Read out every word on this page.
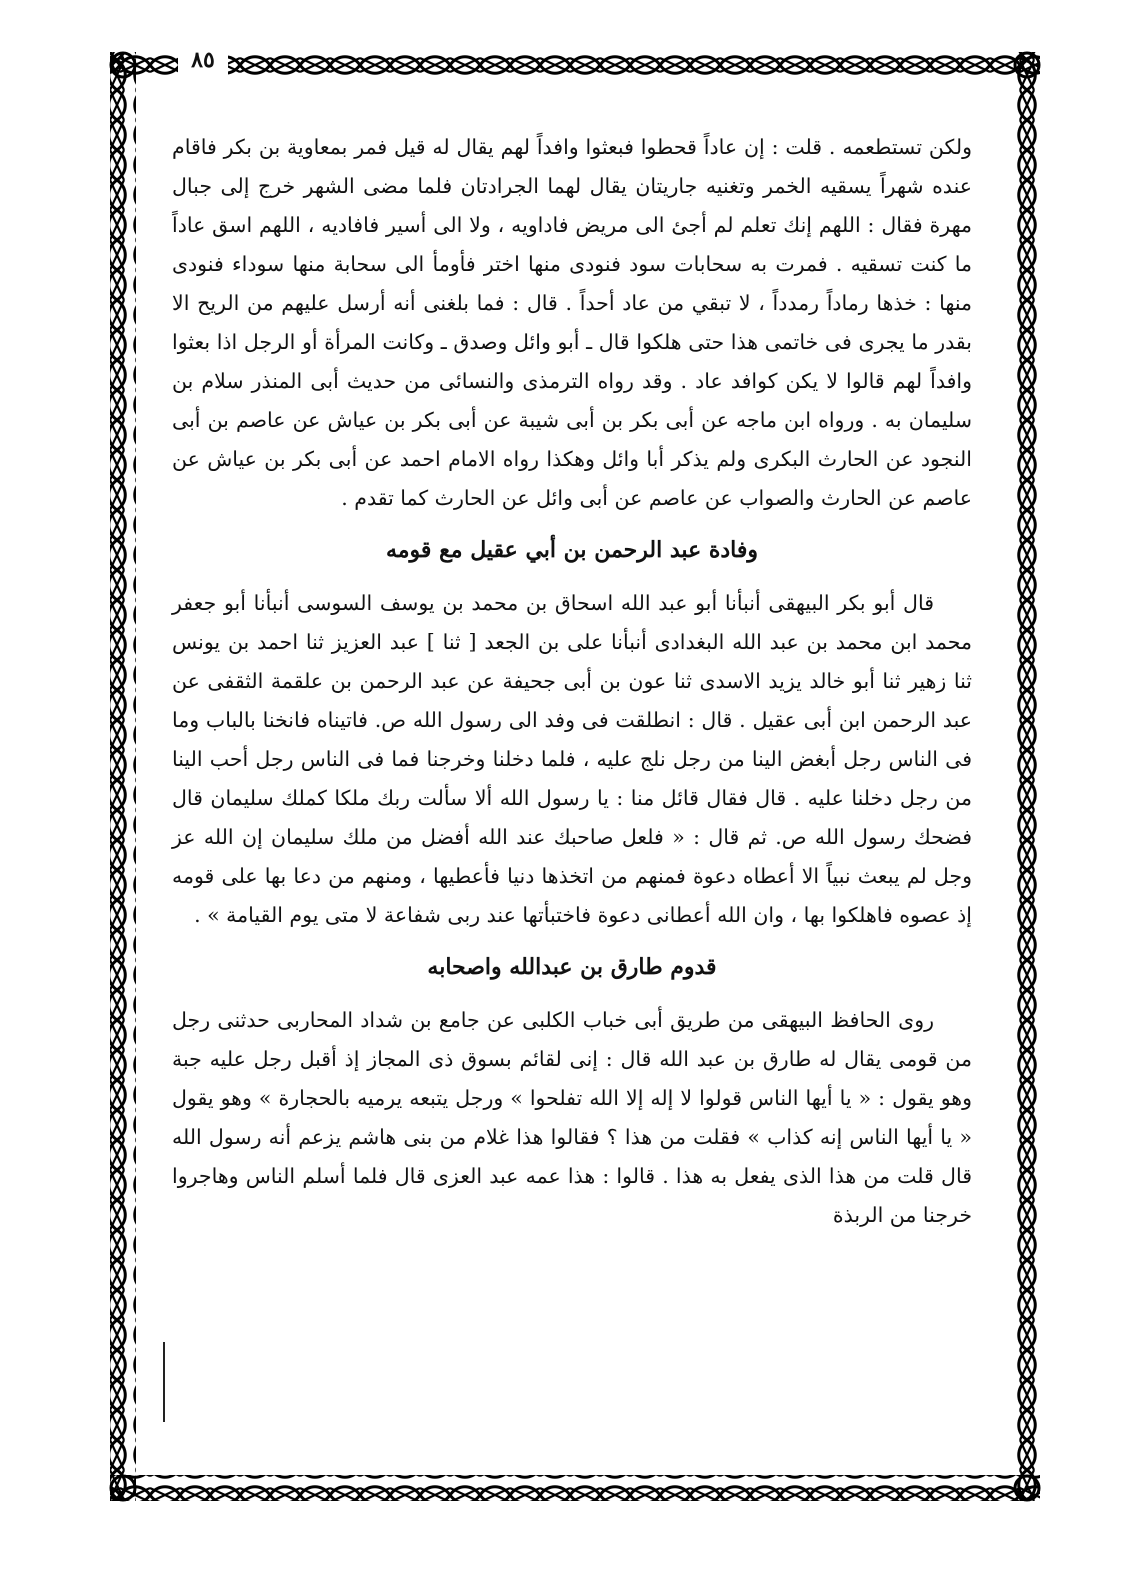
٨٥

ولكن تستطعمه . قلت : إن عاداً قحطوا فبعثوا وافداً لهم يقال له قيل فمر بمعاوية بن بكر فاقام عنده شهراً يسقيه الخمر وتغنيه جاريتان يقال لهما الجرادتان فلما مضى الشهر خرج إلى جبال مهرة فقال : اللهم إنك تعلم لم أجئ الى مريض فاداويه ، ولا الى أسير فافاديه ، اللهم اسق عاداً ما كنت تسقيه . فمرت به سحابات سود فنودى منها اختر فأومأ الى سحابة منها سوداء فنودى منها : خذها رماداً رمدداً ، لا تبقي من عاد أحداً . قال : فما بلغنى أنه أرسل عليهم من الريح الا بقدر ما يجرى فى خاتمى هذا حتى هلكوا قال ـ أبو وائل وصدق ـ وكانت المرأة أو الرجل اذا بعثوا وافداً لهم قالوا لا يكن كوافد عاد . وقد رواه الترمذى والنسائى من حديث أبى المنذر سلام بن سليمان به . ورواه ابن ماجه عن أبى بكر بن أبى شيبة عن أبى بكر بن عياش عن عاصم بن أبى النجود عن الحارث البكرى ولم يذكر أبا وائل وهكذا رواه الامام احمد عن أبى بكر بن عياش عن عاصم عن الحارث والصواب عن عاصم عن أبى وائل عن الحارث كما تقدم .

وفادة عبد الرحمن بن أبي عقيل مع قومه

قال أبو بكر البيهقى أنبأنا أبو عبد الله اسحاق بن محمد بن يوسف السوسى أنبأنا أبو جعفر محمد ابن محمد بن عبد الله البغدادى أنبأنا على بن الجعد [ ثنا ] عبد العزيز ثنا احمد بن يونس ثنا زهير ثنا أبو خالد يزيد الاسدى ثنا عون بن أبى جحيفة عن عبد الرحمن بن علقمة الثقفى عن عبد الرحمن ابن أبى عقيل . قال : انطلقت فى وفد الى رسول الله ص. فاتيناه فانخنا بالباب وما فى الناس رجل أبغض الينا من رجل نلج عليه ، فلما دخلنا وخرجنا فما فى الناس رجل أحب الينا من رجل دخلنا عليه . قال فقال قائل منا : يا رسول الله ألا سألت ربك ملكا كملك سليمان قال فضحك رسول الله ص. ثم قال : « فلعل صاحبك عند الله أفضل من ملك سليمان إن الله عز وجل لم يبعث نبياً الا أعطاه دعوة فمنهم من اتخذها دنيا فأعطيها ، ومنهم من دعا بها على قومه إذ عصوه فاهلكوا بها ، وان الله أعطانى دعوة فاختبأتها عند ربى شفاعة لا متى يوم القيامة » .

قدوم طارق بن عبدالله واصحابه

روى الحافظ البيهقى من طريق أبى خباب الكلبى عن جامع بن شداد المحاربى حدثنى رجل من قومى يقال له طارق بن عبد الله قال : إنى لقائم بسوق ذى المجاز إذ أقبل رجل عليه جبة وهو يقول : « يا أيها الناس قولوا لا إله إلا الله تفلحوا » ورجل يتبعه يرميه بالحجارة » وهو يقول « يا أيها الناس إنه كذاب » فقلت من هذا ؟ فقالوا هذا غلام من بنى هاشم يزعم أنه رسول الله قال قلت من هذا الذى يفعل به هذا . قالوا : هذا عمه عبد العزى قال فلما أسلم الناس وهاجروا خرجنا من الربذة
